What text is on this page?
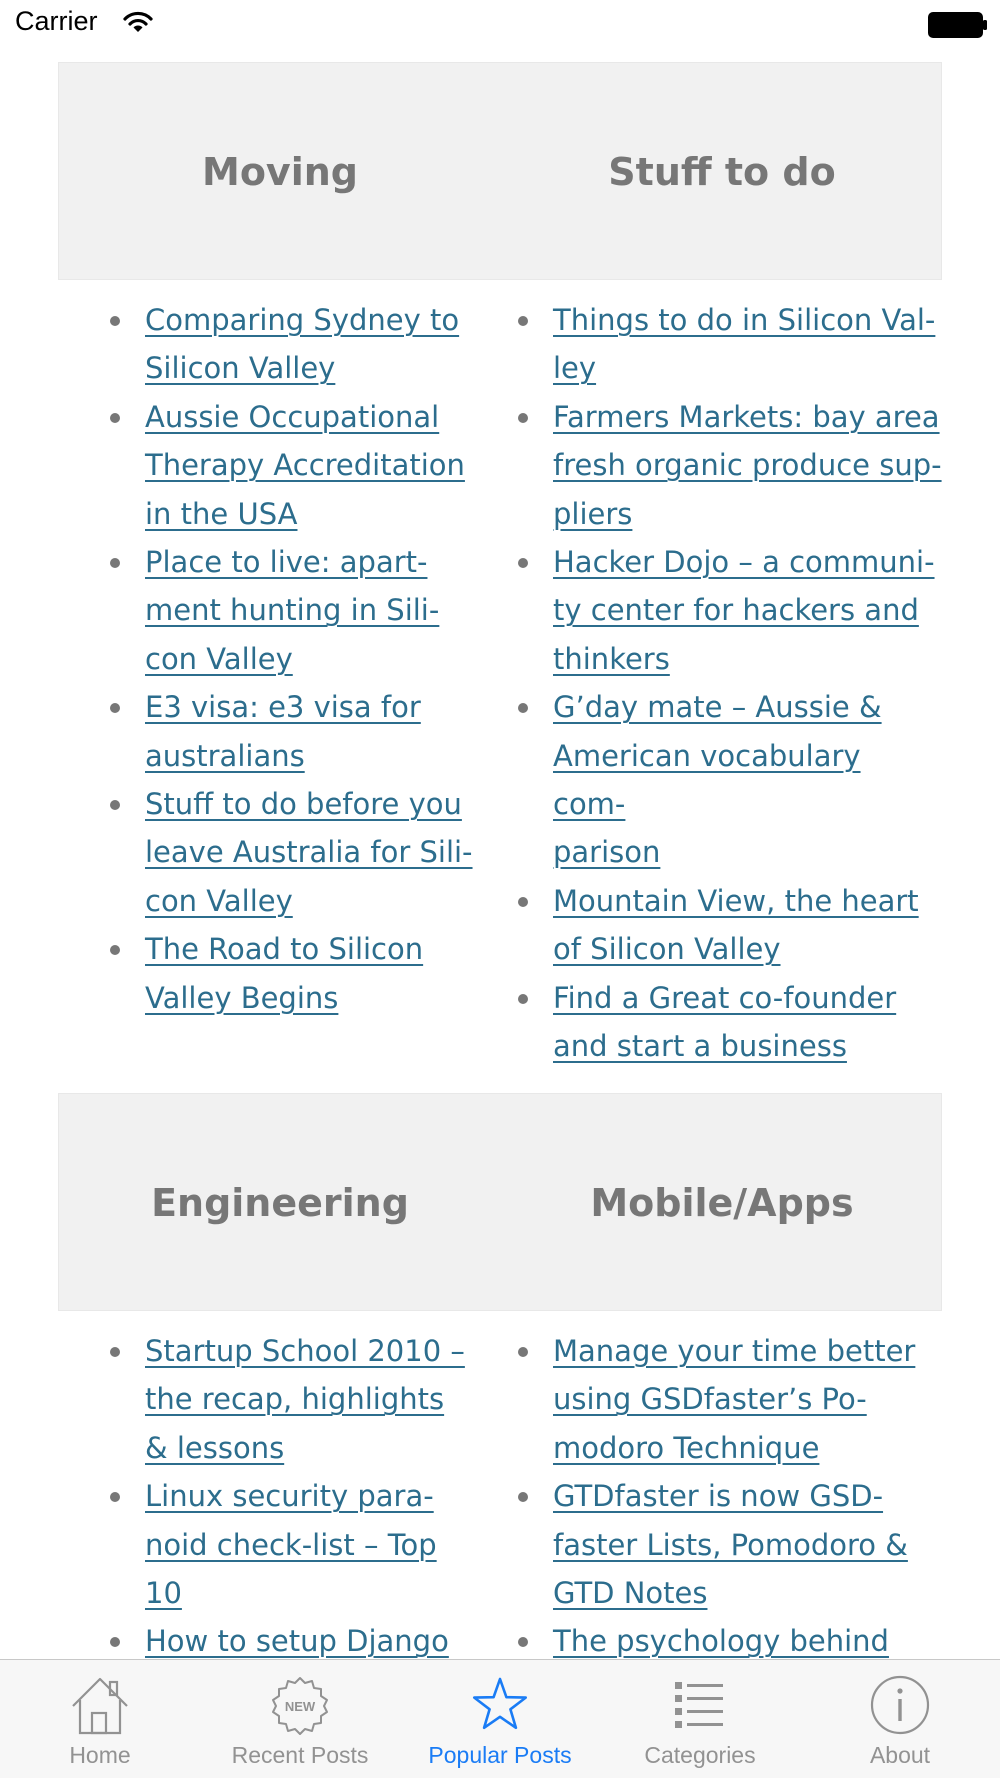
Carrier
Moving	Stuff to do
Comparing Sydney to
Silicon Valley
Aussie Occupational
Therapy Accreditation
in the USA
Place to live: apart-
ment hunting in Sili-
con Valley
E3 visa: e3 visa for
australians
Stuff to do before you
leave Australia for Sili-
con Valley
The Road to Silicon
Valley Begins
Things to do in Silicon Val-
ley
Farmers Markets: bay area
fresh organic produce sup-
pliers
Hacker Dojo – a communi-
ty center for hackers and
thinkers
G’day mate – Aussie &
American vocabulary com-
parison
Mountain View, the heart
of Silicon Valley
Find a Great co-founder
and start a business
Engineering	Mobile/Apps
Startup School 2010 –
the recap, highlights
& lessons
Linux security para-
noid check-list – Top
10
How to setup Django
Manage your time better
using GSDfaster’s Po-
modoro Technique
GTDfaster is now GSD-
faster Lists, Pomodoro &
GTD Notes
The psychology behind
Home
NEW
Recent Posts	Popular Posts	Categories	About
